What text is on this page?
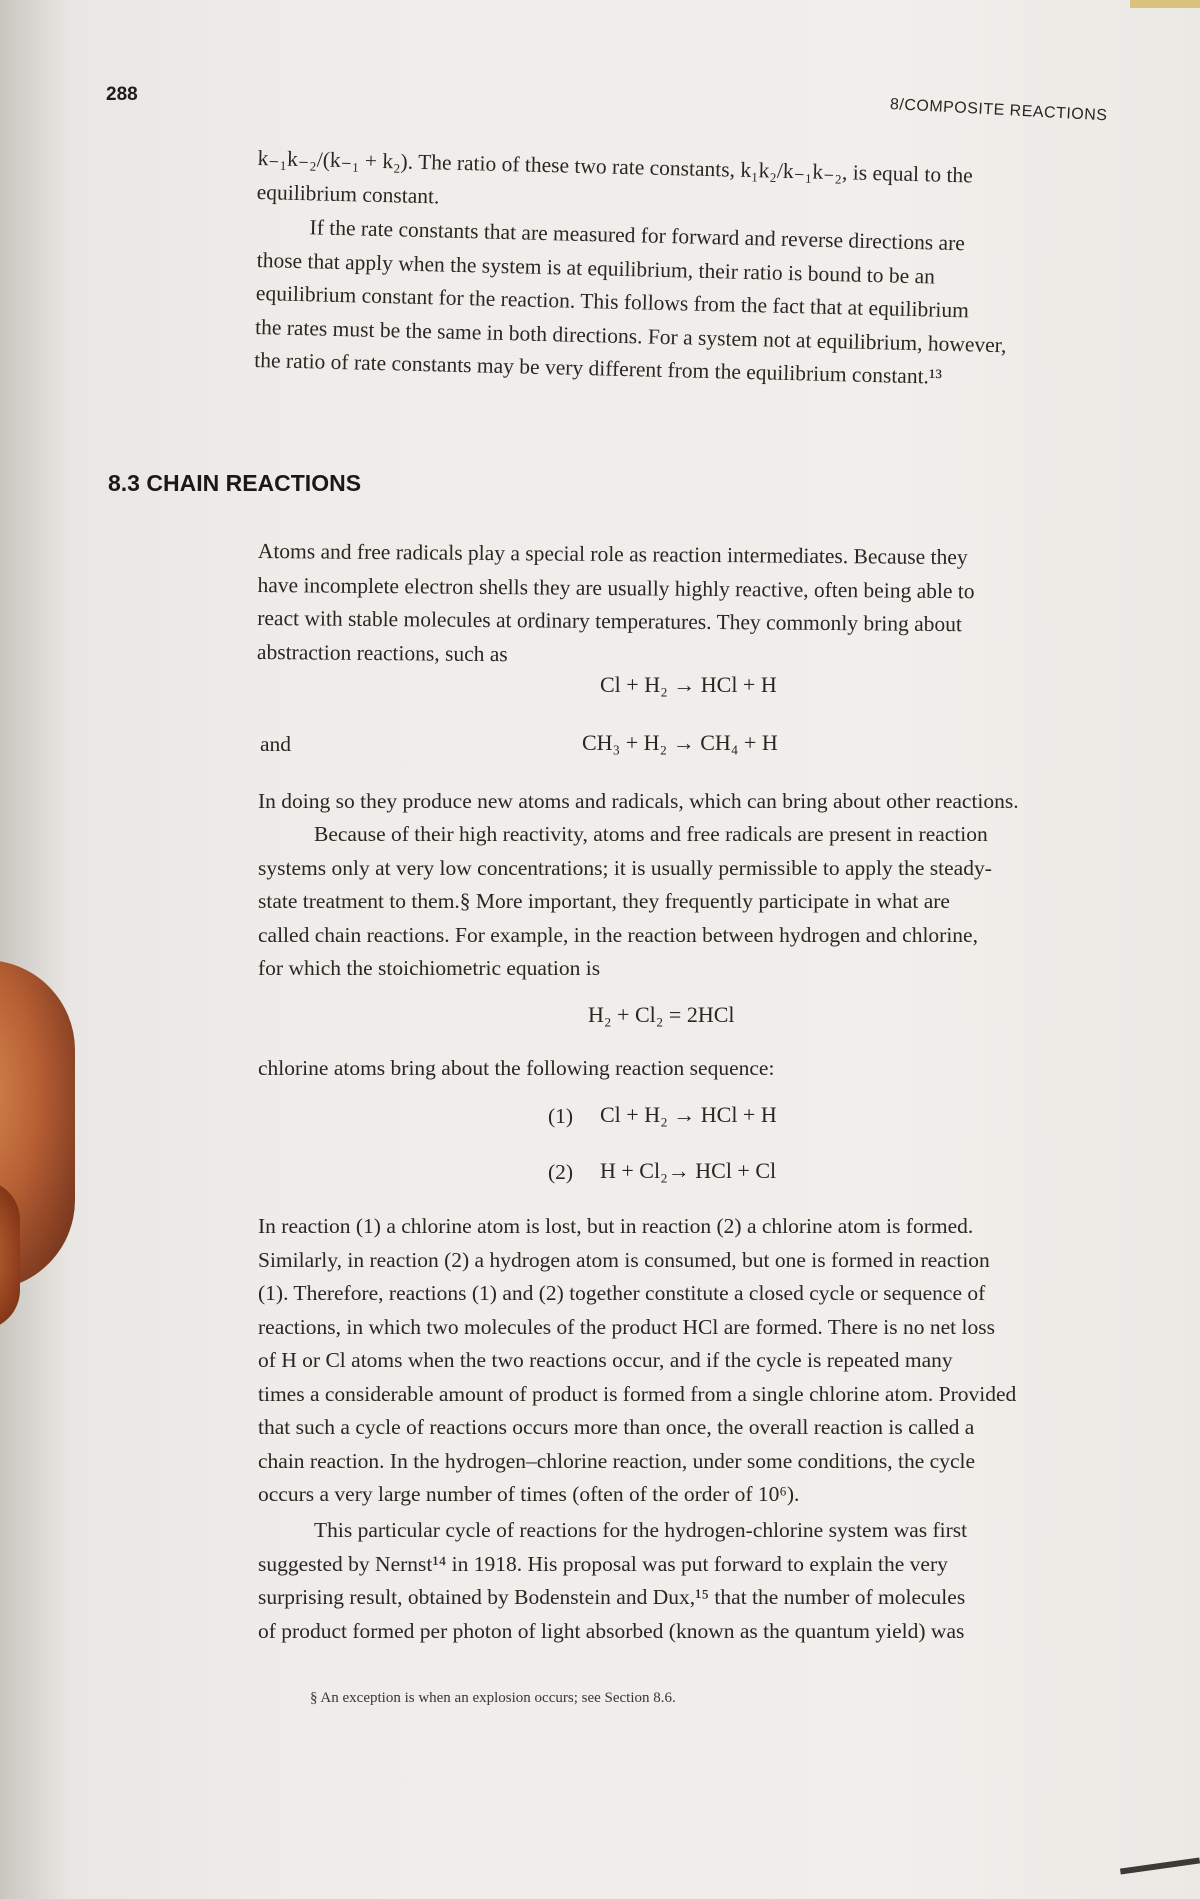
288
8/COMPOSITE REACTIONS
k₋₁k₋₂/(k₋₁ + k₂). The ratio of these two rate constants, k₁k₂/k₋₁k₋₂, is equal to the
equilibrium constant.
If the rate constants that are measured for forward and reverse directions are
those that apply when the system is at equilibrium, their ratio is bound to be an
equilibrium constant for the reaction. This follows from the fact that at equilibrium
the rates must be the same in both directions. For a system not at equilibrium, however,
the ratio of rate constants may be very different from the equilibrium constant.¹³
8.3 CHAIN REACTIONS
Atoms and free radicals play a special role as reaction intermediates. Because they
have incomplete electron shells they are usually highly reactive, often being able to
react with stable molecules at ordinary temperatures. They commonly bring about
abstraction reactions, such as
Cl + H₂ → HCl + H
and	CH₃ + H₂ → CH₄ + H
In doing so they produce new atoms and radicals, which can bring about other reactions.
Because of their high reactivity, atoms and free radicals are present in reaction
systems only at very low concentrations; it is usually permissible to apply the steady-
state treatment to them.§ More important, they frequently participate in what are
called chain reactions. For example, in the reaction between hydrogen and chlorine,
for which the stoichiometric equation is
H₂ + Cl₂ = 2HCl
chlorine atoms bring about the following reaction sequence:
(1) Cl + H₂ → HCl + H
(2) H + Cl₂→ HCl + Cl
In reaction (1) a chlorine atom is lost, but in reaction (2) a chlorine atom is formed.
Similarly, in reaction (2) a hydrogen atom is consumed, but one is formed in reaction
(1). Therefore, reactions (1) and (2) together constitute a closed cycle or sequence of
reactions, in which two molecules of the product HCl are formed. There is no net loss
of H or Cl atoms when the two reactions occur, and if the cycle is repeated many
times a considerable amount of product is formed from a single chlorine atom. Provided
that such a cycle of reactions occurs more than once, the overall reaction is called a
chain reaction. In the hydrogen–chlorine reaction, under some conditions, the cycle
occurs a very large number of times (often of the order of 10⁶).
This particular cycle of reactions for the hydrogen-chlorine system was first
suggested by Nernst¹⁴ in 1918. His proposal was put forward to explain the very
surprising result, obtained by Bodenstein and Dux,¹⁵ that the number of molecules
of product formed per photon of light absorbed (known as the quantum yield) was
§ An exception is when an explosion occurs; see Section 8.6.
